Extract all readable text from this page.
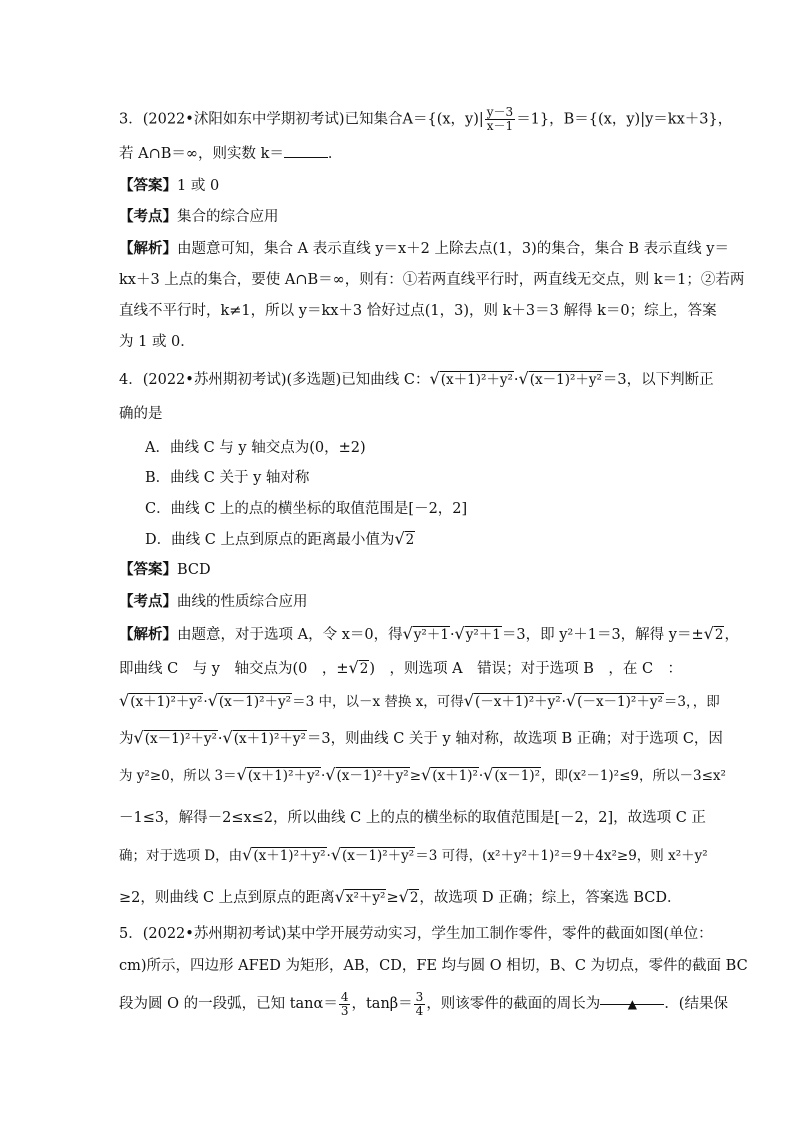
3．(2022•沭阳如东中学期初考试)已知集合A＝{(x，$y)| \frac{y-3}{x-1} =1$}，B＝{(x，y)|y＝kx＋3}，
若 A∩B＝∞，则实数 k＝	．
【答案】1 或 0
【考点】集合的综合应用
【解析】由题意可知，集合 A 表示直线 y＝x＋2 上除去点(1，3)的集合，集合 B 表示直线 y＝
kx＋3 上点的集合，要使 A∩B＝∞，则有：①若两直线平行时，两直线无交点，则 k＝1；②若两
直线不平行时，k≠1，所以 y＝kx＋3 恰好过点(1，3)，则 k＋3＝3 解得 k＝0；综上，答案
为 1 或 0．
4．(2022•苏州期初考试)(多选题)已知曲线 C：√(x＋1)²＋y²·√(x－1)²＋y²＝3，以下判断正
确的是
A．曲线 C 与 y 轴交点为(0，±2)
B．曲线 C 关于 y 轴对称
C．曲线 C 上的点的横坐标的取值范围是[－2，2]
D．曲线 C 上点到原点的距离最小值为√2
【答案】BCD
【考点】曲线的性质综合应用
【解析】由题意，对于选项 A，令 x＝0，得√y²＋1·√y²＋1＝3，即 y²＋1＝3，解得 y＝±√2，
即曲线 C　与 y　轴交点为(0　，±√2)　，则选项 A　错误；对于选项 B　，在 C　：
√(x＋1)²＋y²·√(x－1)²＋y²＝3 中，以－x 替换 x，可得√(－x＋1)²＋y²·√(－x－1)²＋y²＝3，，即
为√(x－1)²＋y²·√(x＋1)²＋y²＝3，则曲线 C 关于 y 轴对称，故选项 B 正确；对于选项 C，因
为 y²≥0，所以 3＝√(x＋1)²＋y²·√(x－1)²＋y²≥√(x＋1)²·√(x－1)²，即(x²－1)²≤9，所以－3≤x²
－1≤3，解得－2≤x≤2，所以曲线 C 上的点的横坐标的取值范围是[－2，2]，故选项 C 正
确；对于选项 D，由√(x＋1)²＋y²·√(x－1)²＋y²＝3 可得，(x²＋y²＋1)²＝9＋4x²≥9，则 x²＋y²
≥2，则曲线 C 上点到原点的距离√x²＋y²≥√2，故选项 D 正确；综上，答案选 BCD．
5．(2022•苏州期初考试)某中学开展劳动实习，学生加工制作零件，零件的截面如图(单位：
cm)所示，四边形 AFED 为矩形，AB，CD，FE 均与圆 O 相切，B、C 为切点，零件的截面 BC
段为圆 O 的一段弧，已知 $\tan\alpha= \frac{4}{3}$ ，$\tan\beta= \frac{3}{4}$ ，则该零件的截面的周长为 ▲ ．(结果保
